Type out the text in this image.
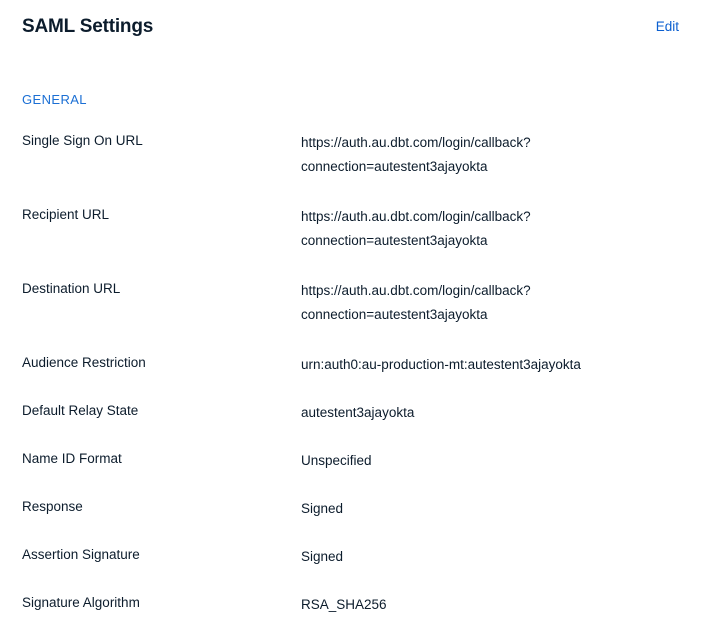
SAML Settings	Edit
GENERAL
Single Sign On URL	https://auth.au.dbt.com/login/callback?
connection=autestent3ajayokta
Recipient URL	https://auth.au.dbt.com/login/callback?
connection=autestent3ajayokta
Destination URL	https://auth.au.dbt.com/login/callback?
connection=autestent3ajayokta
Audience Restriction	urn:auth0:au-production-mt:autestent3ajayokta
Default Relay State	autestent3ajayokta
Name ID Format	Unspecified
Response	Signed
Assertion Signature	Signed
Signature Algorithm	RSA_SHA256
